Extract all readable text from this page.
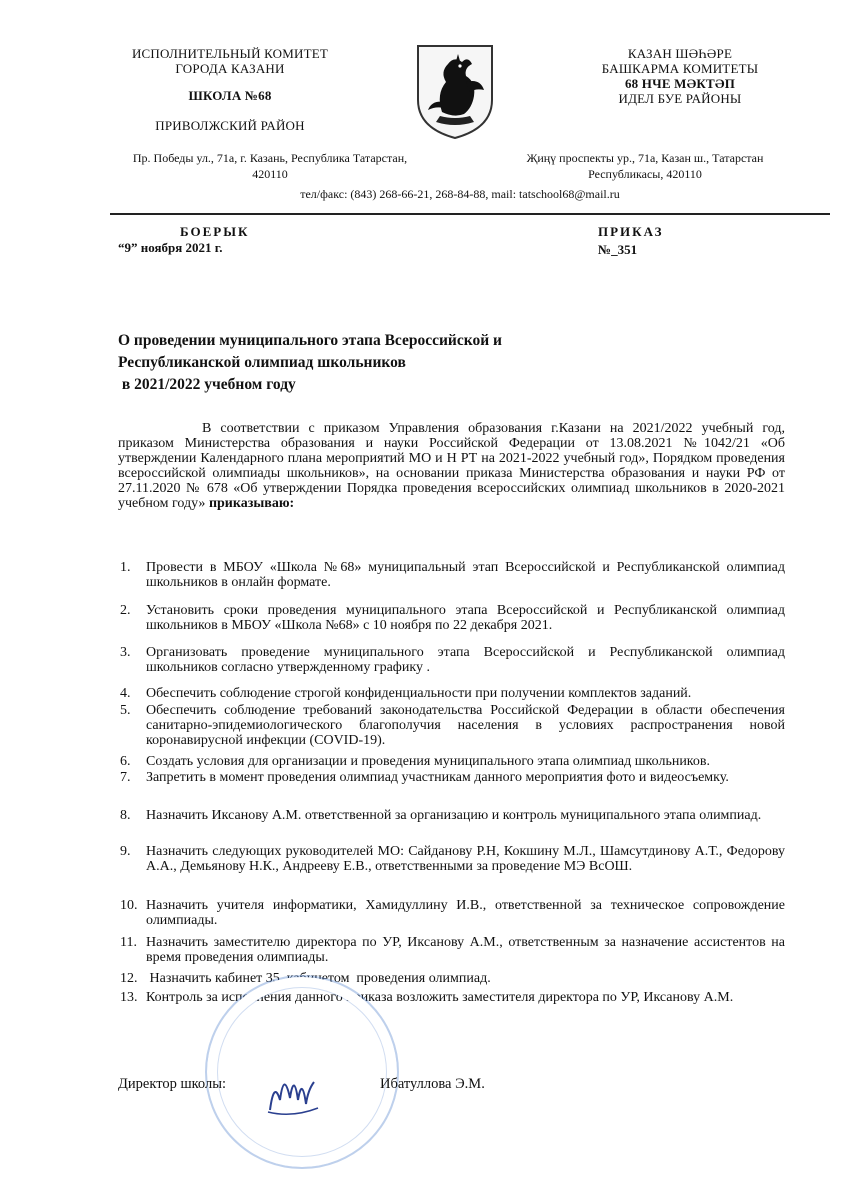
ИСПОЛНИТЕЛЬНЫЙ КОМИТЕТ
ГОРОДА КАЗАНИ
ШКОЛА №68
ПРИВОЛЖСКИЙ РАЙОН
КАЗАН ШӘҺӘРЕ
БАШКАРМА КОМИТЕТЫ
68 НЧЕ МӘКТӘП
ИДЕЛ БУЕ РАЙОНЫ
Пр. Победы ул., 71а, г. Казань, Республика Татарстан,
420110
Җиңү проспекты ур., 71а, Казан ш., Татарстан
Республикасы, 420110
тел/факс: (843) 268-66-21, 268-84-88, mail: tatschool68@mail.ru
БОЕРЫК
“9” ноября 2021 г.
ПРИКАЗ
№_351
О проведении муниципального этапа Всероссийской и
Республиканской олимпиад школьников
в 2021/2022 учебном году
В соответствии с приказом Управления образования г.Казани на 2021/2022 учебный год, приказом Министерства образования и науки Российской Федерации от 13.08.2021 №1042/21 «Об утверждении Календарного плана мероприятий МО и Н РТ на 2021-2022 учебный год», Порядком проведения всероссийской олимпиады школьников», на основании приказа Министерства образования и науки РФ от 27.11.2020 № 678 «Об утверждении Порядка проведения всероссийских олимпиад школьников в 2020-2021 учебном году» приказываю:
1.	Провести в МБОУ «Школа №68» муниципальный этап Всероссийской и Республиканской олимпиад школьников в онлайн формате.
2.	Установить сроки проведения муниципального этапа Всероссийской и Республиканской олимпиад школьников в МБОУ «Школа №68» с 10 ноября по 22 декабря 2021.
3.	Организовать проведение муниципального этапа Всероссийской и Республиканской олимпиад школьников согласно утвержденному графику .
4.	Обеспечить соблюдение строгой конфиденциальности при получении комплектов заданий.
5.	Обеспечить соблюдение требований законодательства Российской Федерации в области обеспечения санитарно-эпидемиологического благополучия населения в условиях распространения новой коронавирусной инфекции (COVID-19).
6.	Создать условия для организации и проведения муниципального этапа олимпиад школьников.
7.	Запретить в момент проведения олимпиад участникам данного мероприятия фото и видеосъемку.
8.	Назначить Иксанову А.М. ответственной за организацию и контроль муниципального этапа олимпиад.
9.	Назначить следующих руководителей МО: Сайданову Р.Н, Кокшину М.Л., Шамсутдинову А.Т., Федорову А.А., Демьянову Н.К., Андрееву Е.В., ответственными за проведение МЭ ВсОШ.
10. Назначить учителя информатики, Хамидуллину И.В., ответственной за техническое сопровождение олимпиады.
11. Назначить заместителю директора по УР, Иксанову А.М., ответственным за назначение ассистентов на время проведения олимпиады.
12. Назначить кабинет 35  кабинетом  проведения олимпиад.
13. Контроль за исполнения данного приказа возложить заместителя директора по УР, Иксанову А.М.
Директор школы:	Ибатуллова Э.М.
